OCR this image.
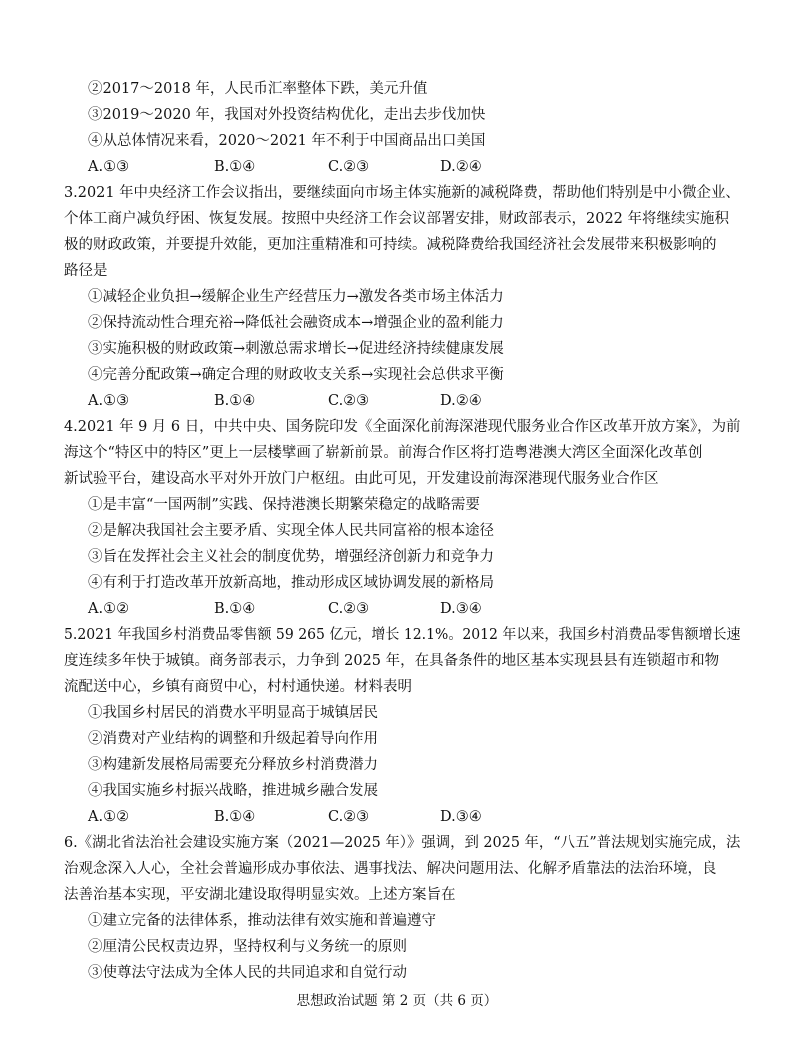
②2017～2018 年，人民币汇率整体下跌，美元升值
③2019～2020 年，我国对外投资结构优化，走出去步伐加快
④从总体情况来看，2020～2021 年不利于中国商品出口美国
A.①③	B.①④	C.②③	D.②④
3.2021 年中央经济工作会议指出，要继续面向市场主体实施新的减税降费，帮助他们特别是中小微企业、
个体工商户减负纾困、恢复发展。按照中央经济工作会议部署安排，财政部表示，2022 年将继续实施积
极的财政政策，并要提升效能，更加注重精准和可持续。减税降费给我国经济社会发展带来积极影响的
路径是
①减轻企业负担→缓解企业生产经营压力→激发各类市场主体活力
②保持流动性合理充裕→降低社会融资成本→增强企业的盈利能力
③实施积极的财政政策→刺激总需求增长→促进经济持续健康发展
④完善分配政策→确定合理的财政收支关系→实现社会总供求平衡
A.①③	B.①④	C.②③	D.②④
4.2021 年 9 月 6 日，中共中央、国务院印发《全面深化前海深港现代服务业合作区改革开放方案》，为前
海这个“特区中的特区”更上一层楼擘画了崭新前景。前海合作区将打造粤港澳大湾区全面深化改革创
新试验平台，建设高水平对外开放门户枢纽。由此可见，开发建设前海深港现代服务业合作区
①是丰富“一国两制”实践、保持港澳长期繁荣稳定的战略需要
②是解决我国社会主要矛盾、实现全体人民共同富裕的根本途径
③旨在发挥社会主义社会的制度优势，增强经济创新力和竞争力
④有利于打造改革开放新高地，推动形成区域协调发展的新格局
A.①②	B.①④	C.②③	D.③④
5.2021 年我国乡村消费品零售额 59 265 亿元，增长 12.1%。2012 年以来，我国乡村消费品零售额增长速
度连续多年快于城镇。商务部表示，力争到 2025 年，在具备条件的地区基本实现县县有连锁超市和物
流配送中心，乡镇有商贸中心，村村通快递。材料表明
①我国乡村居民的消费水平明显高于城镇居民
②消费对产业结构的调整和升级起着导向作用
③构建新发展格局需要充分释放乡村消费潜力
④我国实施乡村振兴战略，推进城乡融合发展
A.①②	B.①④	C.②③	D.③④
6.《湖北省法治社会建设实施方案（2021—2025 年）》强调，到 2025 年，“八五”普法规划实施完成，法
治观念深入人心，全社会普遍形成办事依法、遇事找法、解决问题用法、化解矛盾靠法的法治环境，良
法善治基本实现，平安湖北建设取得明显实效。上述方案旨在
①建立完备的法律体系，推动法律有效实施和普遍遵守
②厘清公民权责边界，坚持权利与义务统一的原则
③使尊法守法成为全体人民的共同追求和自觉行动
思想政治试题 第 2 页（共 6 页）
